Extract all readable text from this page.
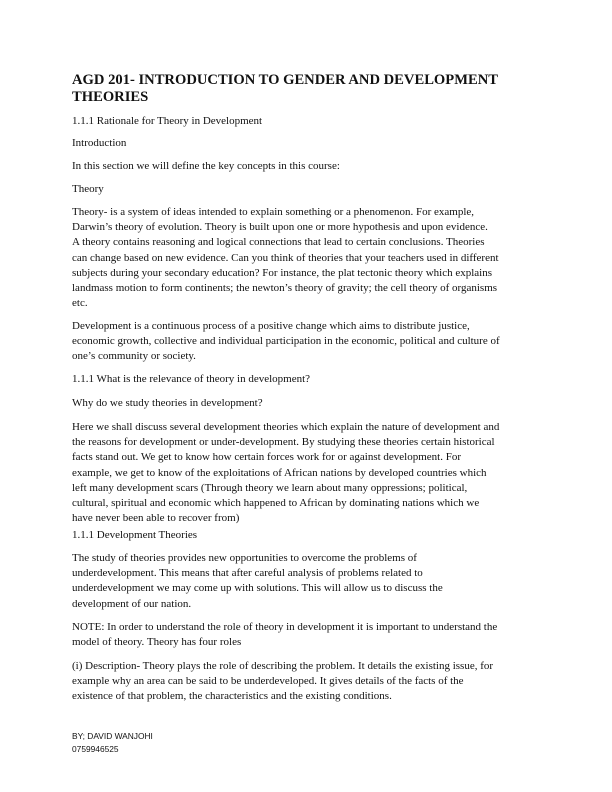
AGD 201- INTRODUCTION TO GENDER AND DEVELOPMENT
THEORIES
1.1.1 Rationale for Theory in Development
Introduction
In this section we will define the key concepts in this course:
Theory
Theory- is a system of ideas intended to explain something or a phenomenon. For example,
Darwin’s theory of evolution. Theory is built upon one or more hypothesis and upon evidence.
A theory contains reasoning and logical connections that lead to certain conclusions. Theories
can change based on new evidence. Can you think of theories that your teachers used in different
subjects during your secondary education? For instance, the plat tectonic theory which explains
landmass motion to form continents; the newton’s theory of gravity; the cell theory of organisms
etc.
Development is a continuous process of a positive change which aims to distribute justice,
economic growth, collective and individual participation in the economic, political and culture of
one’s community or society.
1.1.1 What is the relevance of theory in development?
Why do we study theories in development?
Here we shall discuss several development theories which explain the nature of development and
the reasons for development or under-development. By studying these theories certain historical
facts stand out. We get to know how certain forces work for or against development. For
example, we get to know of the exploitations of African nations by developed countries which
left many development scars (Through theory we learn about many oppressions; political,
cultural, spiritual and economic which happened to African by dominating nations which we
have never been able to recover from)
1.1.1 Development Theories
The study of theories provides new opportunities to overcome the problems of
underdevelopment. This means that after careful analysis of problems related to
underdevelopment we may come up with solutions. This will allow us to discuss the
development of our nation.
NOTE: In order to understand the role of theory in development it is important to understand the
model of theory. Theory has four roles
(i) Description- Theory plays the role of describing the problem. It details the existing issue, for
example why an area can be said to be underdeveloped. It gives details of the facts of the
existence of that problem, the characteristics and the existing conditions.
BY; DAVID WANJOHI
0759946525
